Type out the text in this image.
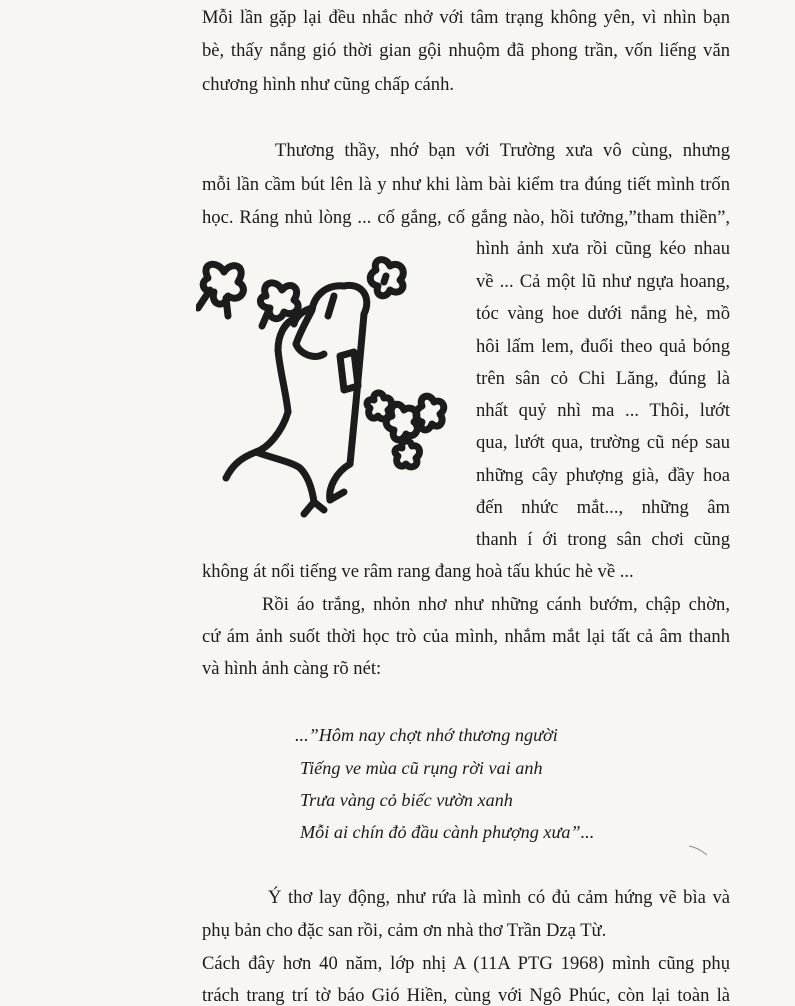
Mỗi lần gặp lại đều nhắc nhở với tâm trạng không yên, vì nhìn bạn
bè, thấy nắng gió thời gian gội nhuộm đã phong trần, vốn liếng văn
chương hình như cũng chấp cánh.
Thương thầy, nhớ bạn với Trường xưa vô cùng, nhưng
mỗi lần cầm bút lên là y như khi làm bài kiểm tra đúng tiết mình trốn
học. Ráng nhủ lòng ... cố gắng, cố gắng nào, hồi tưởng,”tham thiền”,
hình ảnh xưa rồi cũng kéo nhau
về ... Cả một lũ như ngựa hoang,
tóc vàng hoe dưới nắng hè, mồ
hôi lấm lem, đuổi theo quả bóng
trên sân cỏ Chi Lăng, đúng là
nhất quỷ nhì ma ... Thôi, lướt
qua, lướt qua, trường cũ nép sau
những cây phượng già, đầy hoa
đến nhức mắt..., những âm
thanh í ới trong sân chơi cũng
không át nổi tiếng ve râm rang đang hoà tấu khúc hè về ...
Rồi áo trắng, nhỏn nhơ như những cánh bướm, chập chờn,
cứ ám ảnh suốt thời học trò của mình, nhắm mắt lại tất cả âm thanh
và hình ảnh càng rõ nét:
...”Hôm nay chợt nhớ thương người
Tiếng ve mùa cũ rụng rời vai anh
Trưa vàng cỏ biếc vườn xanh
Mỗi ai chín đỏ đầu cành phượng xưa”...
Ý thơ lay động, như rứa là mình có đủ cảm hứng vẽ bìa và
phụ bản cho đặc san rồi, cảm ơn nhà thơ Trần Dzạ Từ.
Cách đây hơn 40 năm, lớp nhị A (11A PTG 1968) mình cũng phụ
trách trang trí tờ báo Gió Hiền, cùng với Ngô Phúc, còn lại toàn là
